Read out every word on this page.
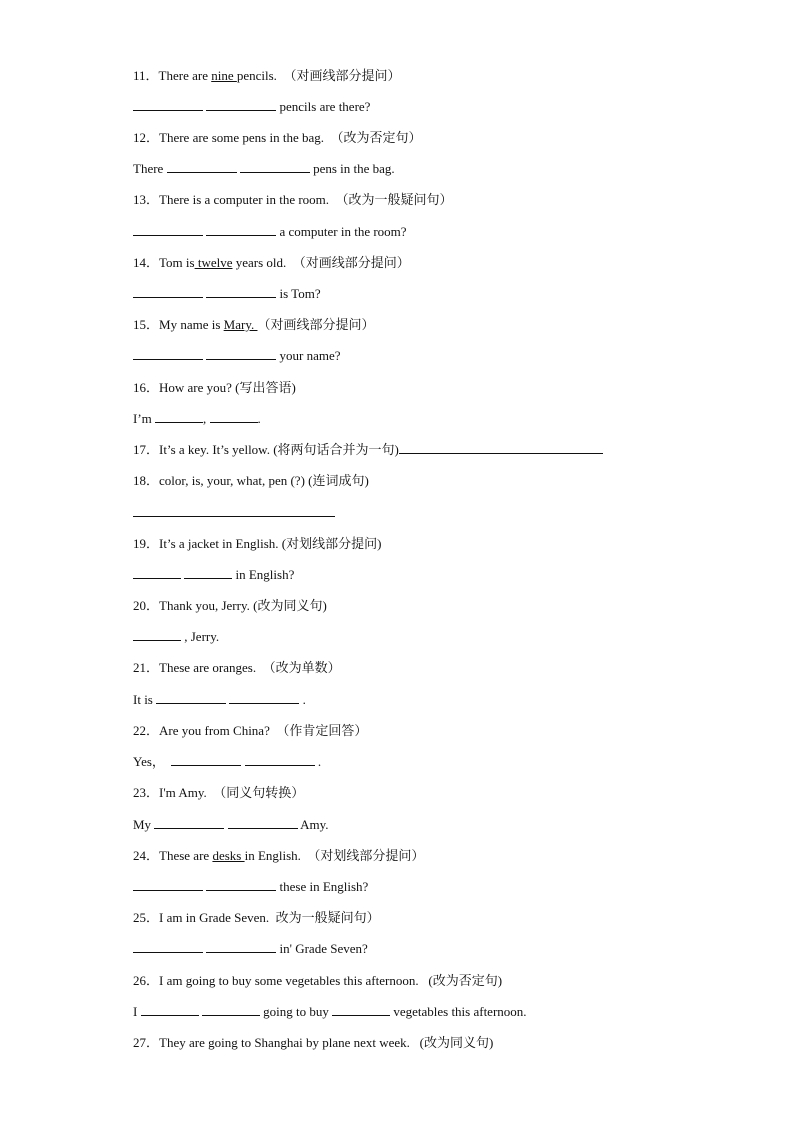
11．There are nine pencils. （对画线部分提问）
pencils are there?
12．There are some pens in the bag. （改为否定句）
There	pens in the bag.
13．There is a computer in the room. （改为一般疑问句）
a computer in the room?
14．Tom is twelve years old. （对画线部分提问）
is Tom?
15．My name is Mary. （对画线部分提问）
your name?
16．How are you? (写出答语)
I’m	,	.
17．It’s a key. It’s yellow. (将两句话合并为一句)
18．color, is, your, what, pen (?) (连词成句)
19．It’s a jacket in English. (对划线部分提问)
in English?
20．Thank you, Jerry. (改为同义句)
, Jerry.
21．These are oranges. （改为单数）
It is	.
22．Are you from China? （作肯定回答）
Yes，	.
23．I'm Amy. （同义句转换）
My	Amy.
24．These are desks in English. （对划线部分提问）
these in English?
25．I am in Grade Seven. 改为一般疑问句）
in' Grade Seven?
26．I am going to buy some vegetables this afternoon. (改为否定句)
I	going to buy	vegetables this afternoon.
27．They are going to Shanghai by plane next week. (改为同义句)
